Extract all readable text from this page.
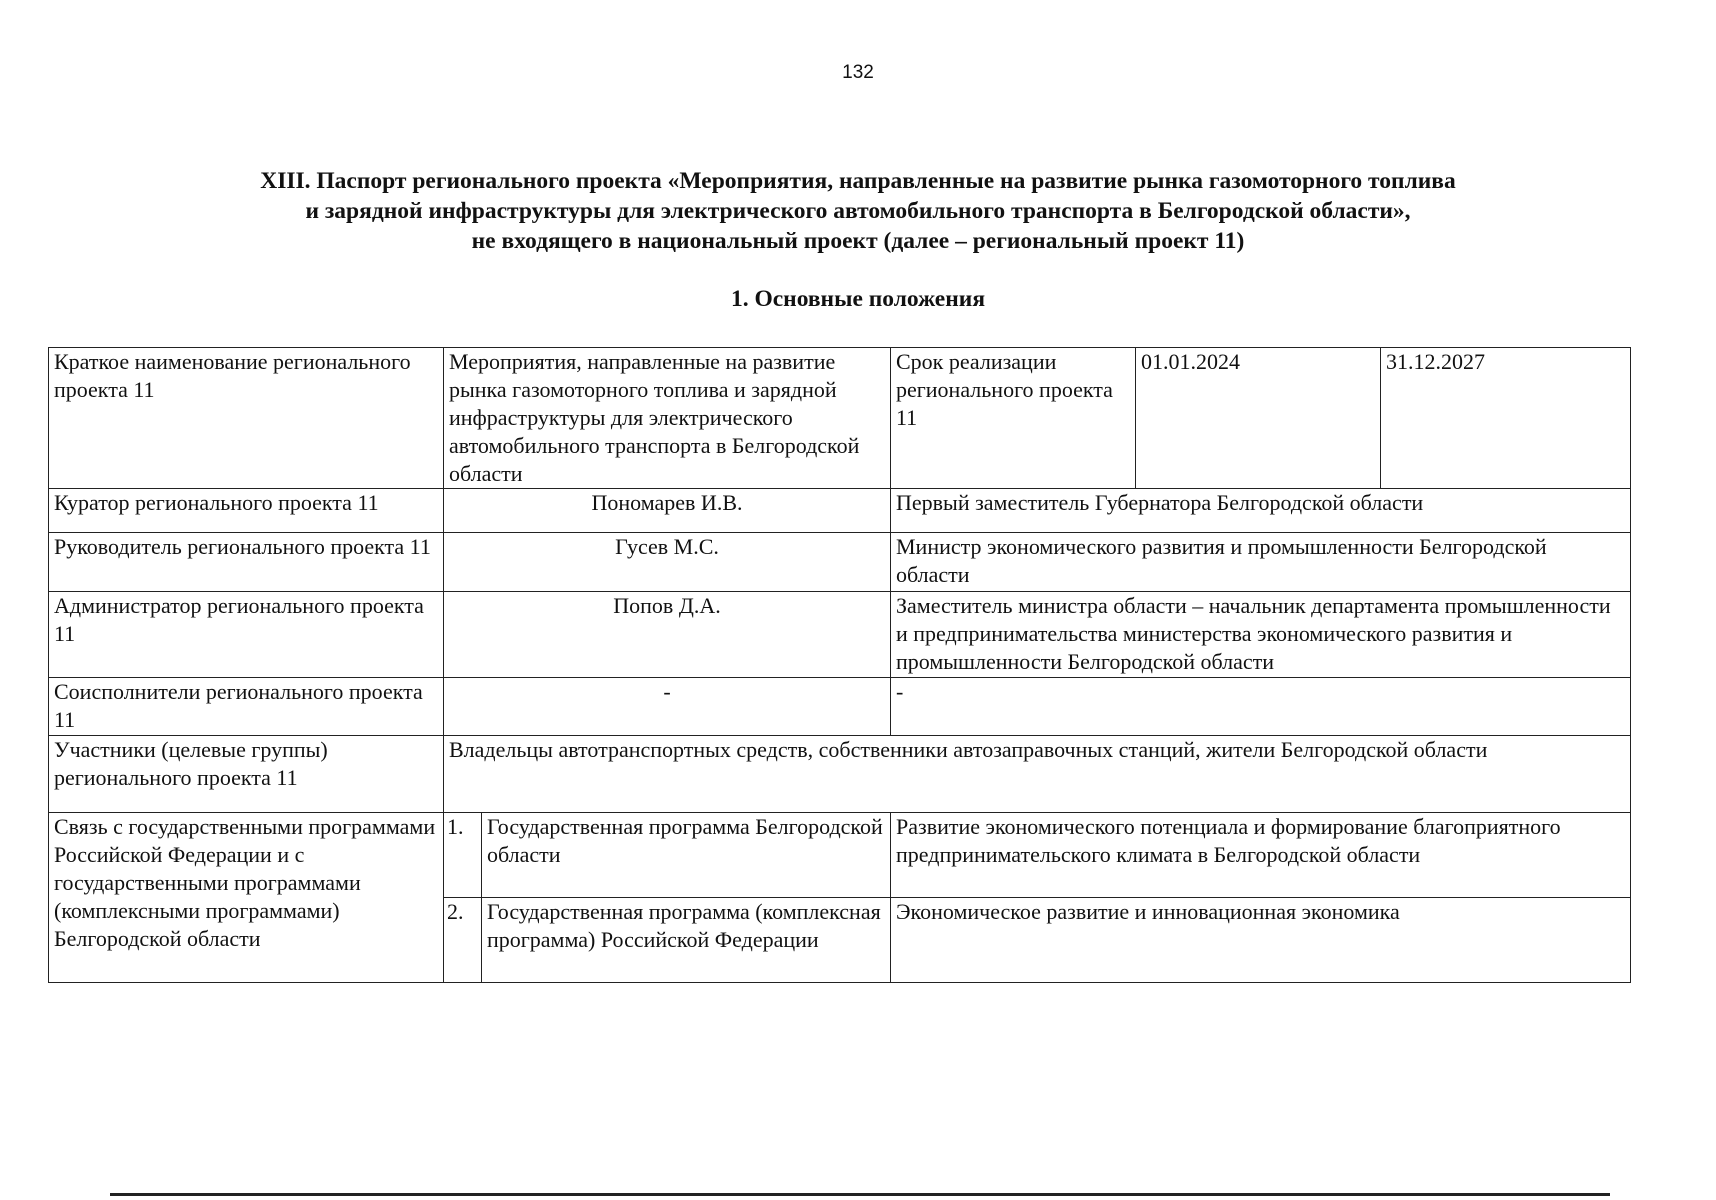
132
XIII. Паспорт регионального проекта «Мероприятия, направленные на развитие рынка газомоторного топлива
и зарядной инфраструктуры для электрического автомобильного транспорта в Белгородской области»,
не входящего в национальный проект (далее – региональный проект 11)
1. Основные положения
Краткое наименование регионального проекта 11	Мероприятия, направленные на развитие рынка газомоторного топлива и зарядной инфраструктуры для электрического автомобильного транспорта в Белгородской области		Срок реализации регионального проекта 11	01.01.2024	31.12.2027
Куратор регионального проекта 11	Пономарев И.В.		Первый заместитель Губернатора Белгородской области		
Руководитель регионального проекта 11	Гусев М.С.		Министр экономического развития и промышленности Белгородской области		
Администратор регионального проекта 11	Попов Д.А.		Заместитель министра области – начальник департамента промышленности и предпринимательства министерства экономического развития и промышленности Белгородской области		
Соисполнители регионального проекта 11	-		-		
Участники (целевые группы) регионального проекта 11	Владельцы автотранспортных средств, собственники автозаправочных станций, жители Белгородской области				
Связь с государственными программами Российской Федерации и с государственными программами (комплексными программами) Белгородской области	1.	Государственная программа Белгородской области	Развитие экономического потенциала и формирование благоприятного предпринимательского климата в Белгородской области		
	2.	Государственная программа (комплексная программа) Российской Федерации	Экономическое развитие и инновационная экономика		
